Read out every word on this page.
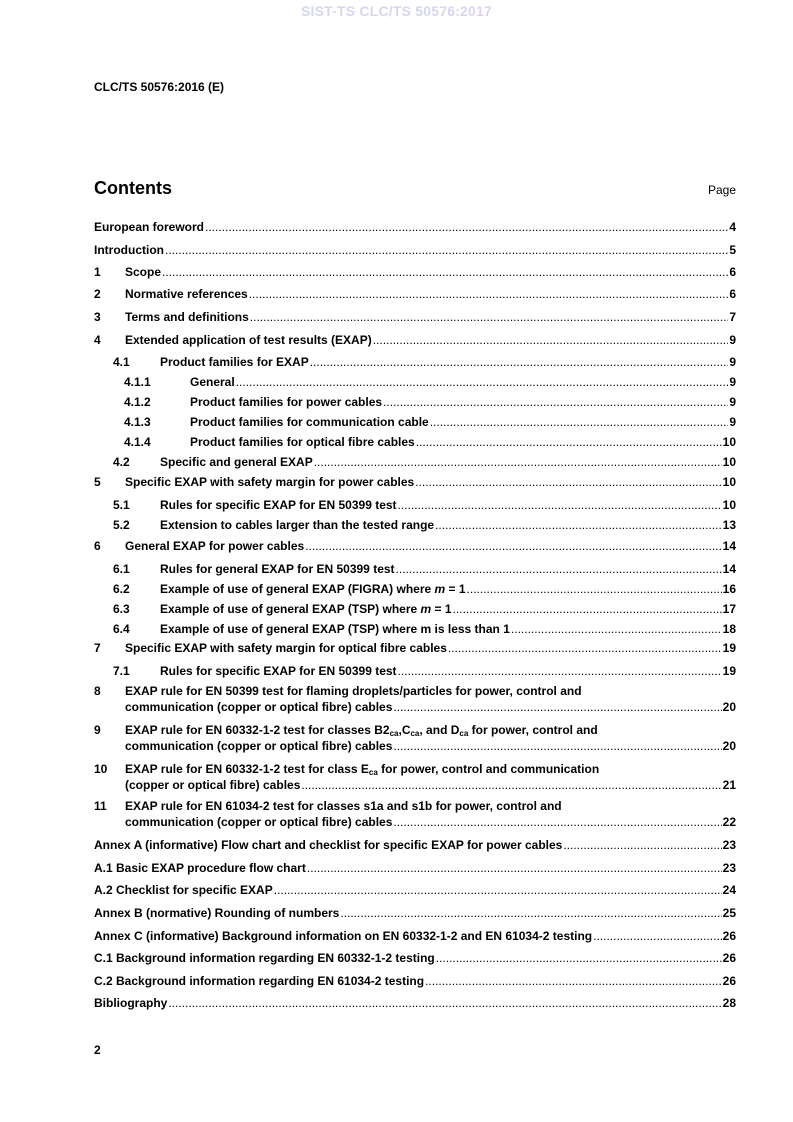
SIST-TS CLC/TS 50576:2017
CLC/TS 50576:2016 (E)
Contents	Page
European foreword .....	4
Introduction .....	5
1	Scope .....	6
2	Normative references .....	6
3	Terms and definitions .....	7
4	Extended application of test results (EXAP) .....	9
4.1	Product families for EXAP .....	9
4.1.1	General .....	9
4.1.2	Product families for power cables .....	9
4.1.3	Product families for communication cable .....	9
4.1.4	Product families for optical fibre cables .....	10
4.2	Specific and general EXAP .....	10
5	Specific EXAP with safety margin for power cables .....	10
5.1	Rules for specific EXAP for EN 50399 test .....	10
5.2	Extension to cables larger than the tested range .....	13
6	General EXAP for power cables .....	14
6.1	Rules for general EXAP for EN 50399 test .....	14
6.2	Example of use of general EXAP (FIGRA) where m = 1 .....	16
6.3	Example of use of general EXAP (TSP) where m = 1 .....	17
6.4	Example of use of general EXAP (TSP) where m is less than 1 .....	18
7	Specific EXAP with safety margin for optical fibre cables .....	19
7.1	Rules for specific EXAP for EN 50399 test .....	19
8	EXAP rule for EN 50399 test for flaming droplets/particles for power, control and
communication (copper or optical fibre) cables .....	20
9	EXAP rule for EN 60332-1-2 test for classes $B2_{ca},C_{ca}$, and $D_{ca}$ for power, control and
communication (copper or optical fibre) cables .....	20
10	EXAP rule for EN 60332-1-2 test for class $E_{ca}$ for power, control and communication
(copper or optical fibre) cables .....	21
11	EXAP rule for EN 61034-2 test for classes s1a and s1b for power, control and
communication (copper or optical fibre) cables .....	22
Annex A (informative) Flow chart and checklist for specific EXAP for power cables .....	23
A.1 Basic EXAP procedure flow chart .....	23
A.2 Checklist for specific EXAP .....	24
Annex B (normative) Rounding of numbers .....	25
Annex C (informative) Background information on EN 60332-1-2 and EN 61034-2 testing .....	26
C.1 Background information regarding EN 60332-1-2 testing .....	26
C.2 Background information regarding EN 61034-2 testing .....	26
Bibliography .....	28
2
